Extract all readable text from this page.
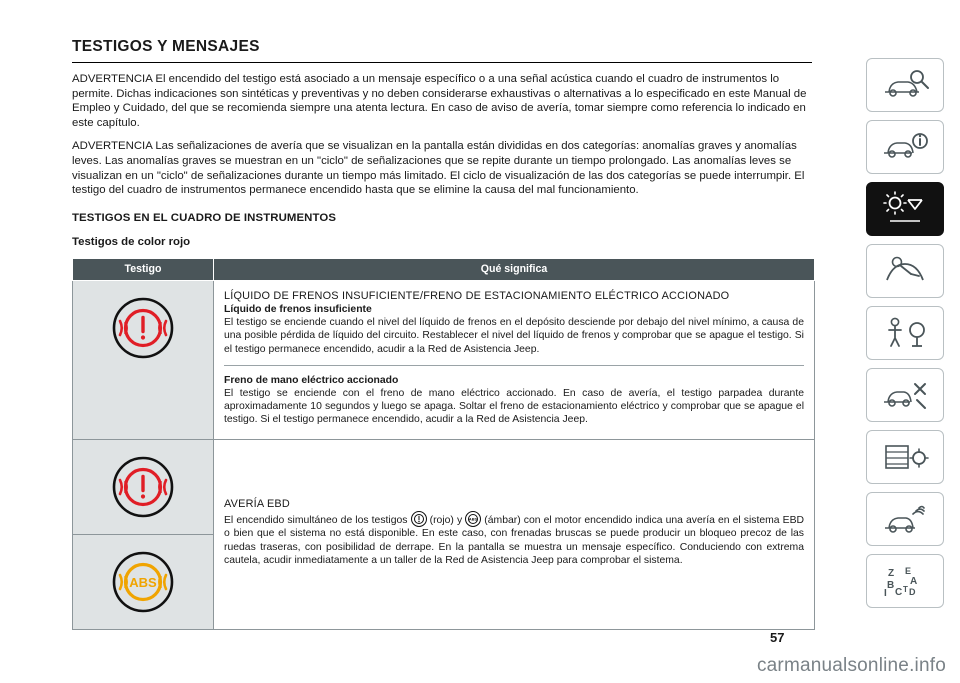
TESTIGOS Y MENSAJES

ADVERTENCIA El encendido del testigo está asociado a un mensaje específico o a una señal acústica cuando el cuadro de instrumentos lo permite. Dichas indicaciones son sintéticas y preventivas y no deben considerarse exhaustivas o alternativas a lo especificado en este Manual de Empleo y Cuidado, del que se recomienda siempre una atenta lectura. En caso de aviso de avería, tomar siempre como referencia lo indicado en este capítulo.

ADVERTENCIA Las señalizaciones de avería que se visualizan en la pantalla están divididas en dos categorías: anomalías graves y anomalías leves. Las anomalías graves se muestran en un "ciclo" de señalizaciones que se repite durante un tiempo prolongado. Las anomalías leves se visualizan en un "ciclo" de señalizaciones durante un tiempo más limitado. El ciclo de visualización de las dos categorías se puede interrumpir. El testigo del cuadro de instrumentos permanece encendido hasta que se elimine la causa del mal funcionamiento.

TESTIGOS EN EL CUADRO DE INSTRUMENTOS
Testigos de color rojo
Testigo	Qué significa

LÍQUIDO DE FRENOS INSUFICIENTE/FRENO DE ESTACIONAMIENTO ELÉCTRICO ACCIONADO

Líquido de frenos insuficiente

El testigo se enciende cuando el nivel del líquido de frenos en el depósito desciende por debajo del nivel mínimo, a causa de una posible pérdida de líquido del circuito. Restablecer el nivel del líquido de frenos y comprobar que se apague el testigo. Si el testigo permanece encendido, acudir a la Red de Asistencia Jeep.

Freno de mano eléctrico accionado

El testigo se enciende con el freno de mano eléctrico accionado. En caso de avería, el testigo parpadea durante aproximadamente 10 segundos y luego se apaga. Soltar el freno de estacionamiento eléctrico y comprobar que se apague el testigo. Si el testigo permanece encendido, acudir a la Red de Asistencia Jeep.

ABS	AVERÍA EBD

El encendido simultáneo de los testigos  (rojo) y ABS (ámbar) con el motor encendido indica una avería en el sistema EBD o bien que el sistema no está disponible. En este caso, con frenadas bruscas se puede producir un bloqueo precoz de las ruedas traseras, con posibilidad de derrape. En la pantalla se muestra un mensaje específico. Conduciendo con extrema cautela, acudir inmediatamente a un taller de la Red de Asistencia Jeep para comprobar el sistema.

57
Z E
B A
I C D
T
carmanualsonline.info
